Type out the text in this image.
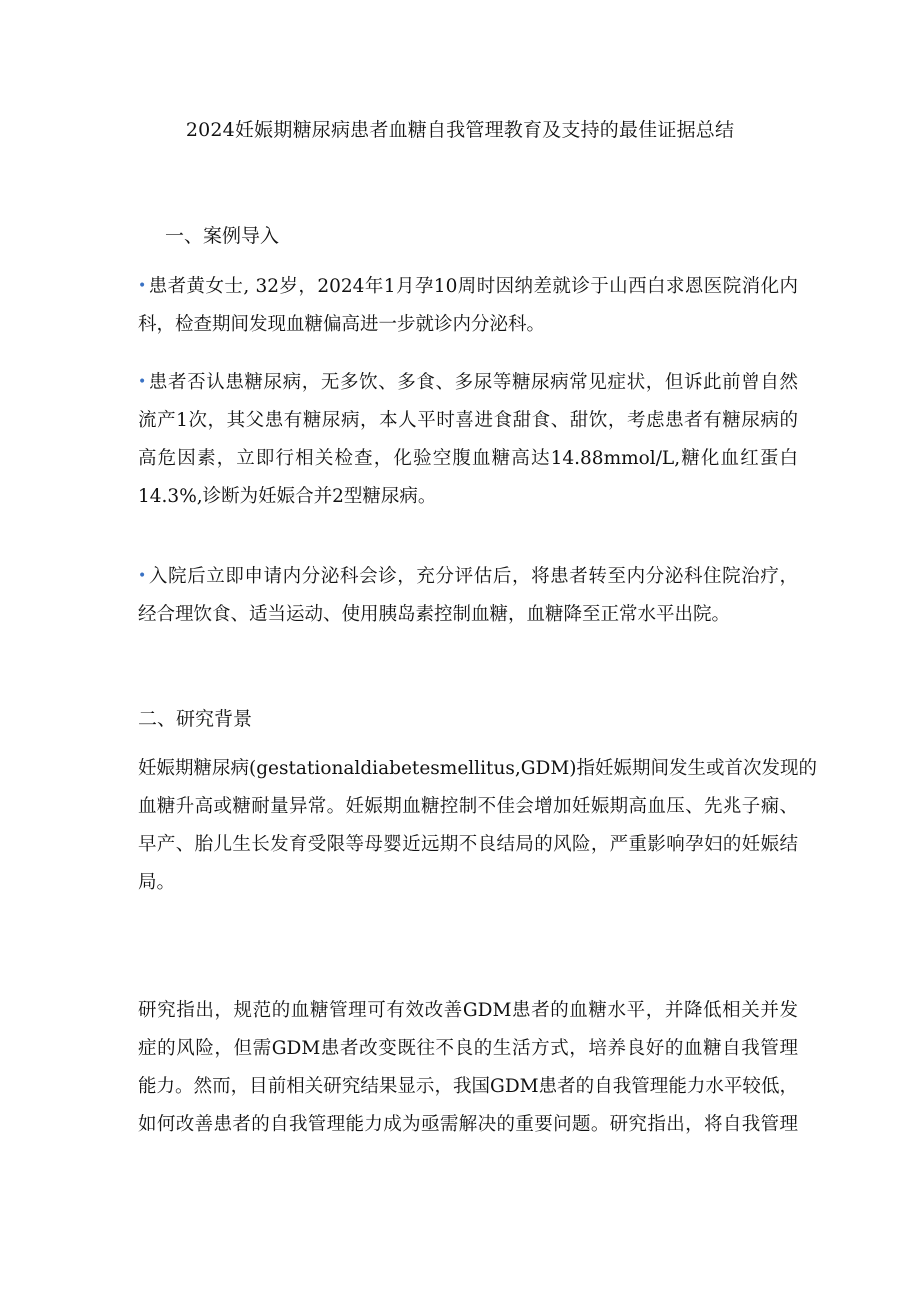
2024妊娠期糖尿病患者血糖自我管理教育及支持的最佳证据总结
一、案例导入
• 患者黄女士, 32岁，2024年1月孕10周时因纳差就诊于山西白求恩医院消化内
科，检查期间发现血糖偏高进一步就诊内分泌科。
• 患者否认患糖尿病，无多饮、多食、多尿等糖尿病常见症状，但诉此前曾自然
流产1次，其父患有糖尿病，本人平时喜进食甜食、甜饮，考虑患者有糖尿病的
高危因素，立即行相关检查，化验空腹血糖高达14.88mmol/L,糖化血红蛋白
14.3%,诊断为妊娠合并2型糖尿病。
• 入院后立即申请内分泌科会诊，充分评估后，将患者转至内分泌科住院治疗，
经合理饮食、适当运动、使用胰岛素控制血糖，血糖降至正常水平出院。
二、研究背景
妊娠期糖尿病(gestationaldiabetesmellitus,GDM)指妊娠期间发生或首次发现的
血糖升高或糖耐量异常。妊娠期血糖控制不佳会增加妊娠期高血压、先兆子痫、
早产、胎儿生长发育受限等母婴近远期不良结局的风险，严重影响孕妇的妊娠结
局。
研究指出，规范的血糖管理可有效改善GDM患者的血糖水平，并降低相关并发
症的风险，但需GDM患者改变既往不良的生活方式，培养良好的血糖自我管理
能力。然而，目前相关研究结果显示，我国GDM患者的自我管理能力水平较低，
如何改善患者的自我管理能力成为亟需解决的重要问题。研究指出，将自我管理
